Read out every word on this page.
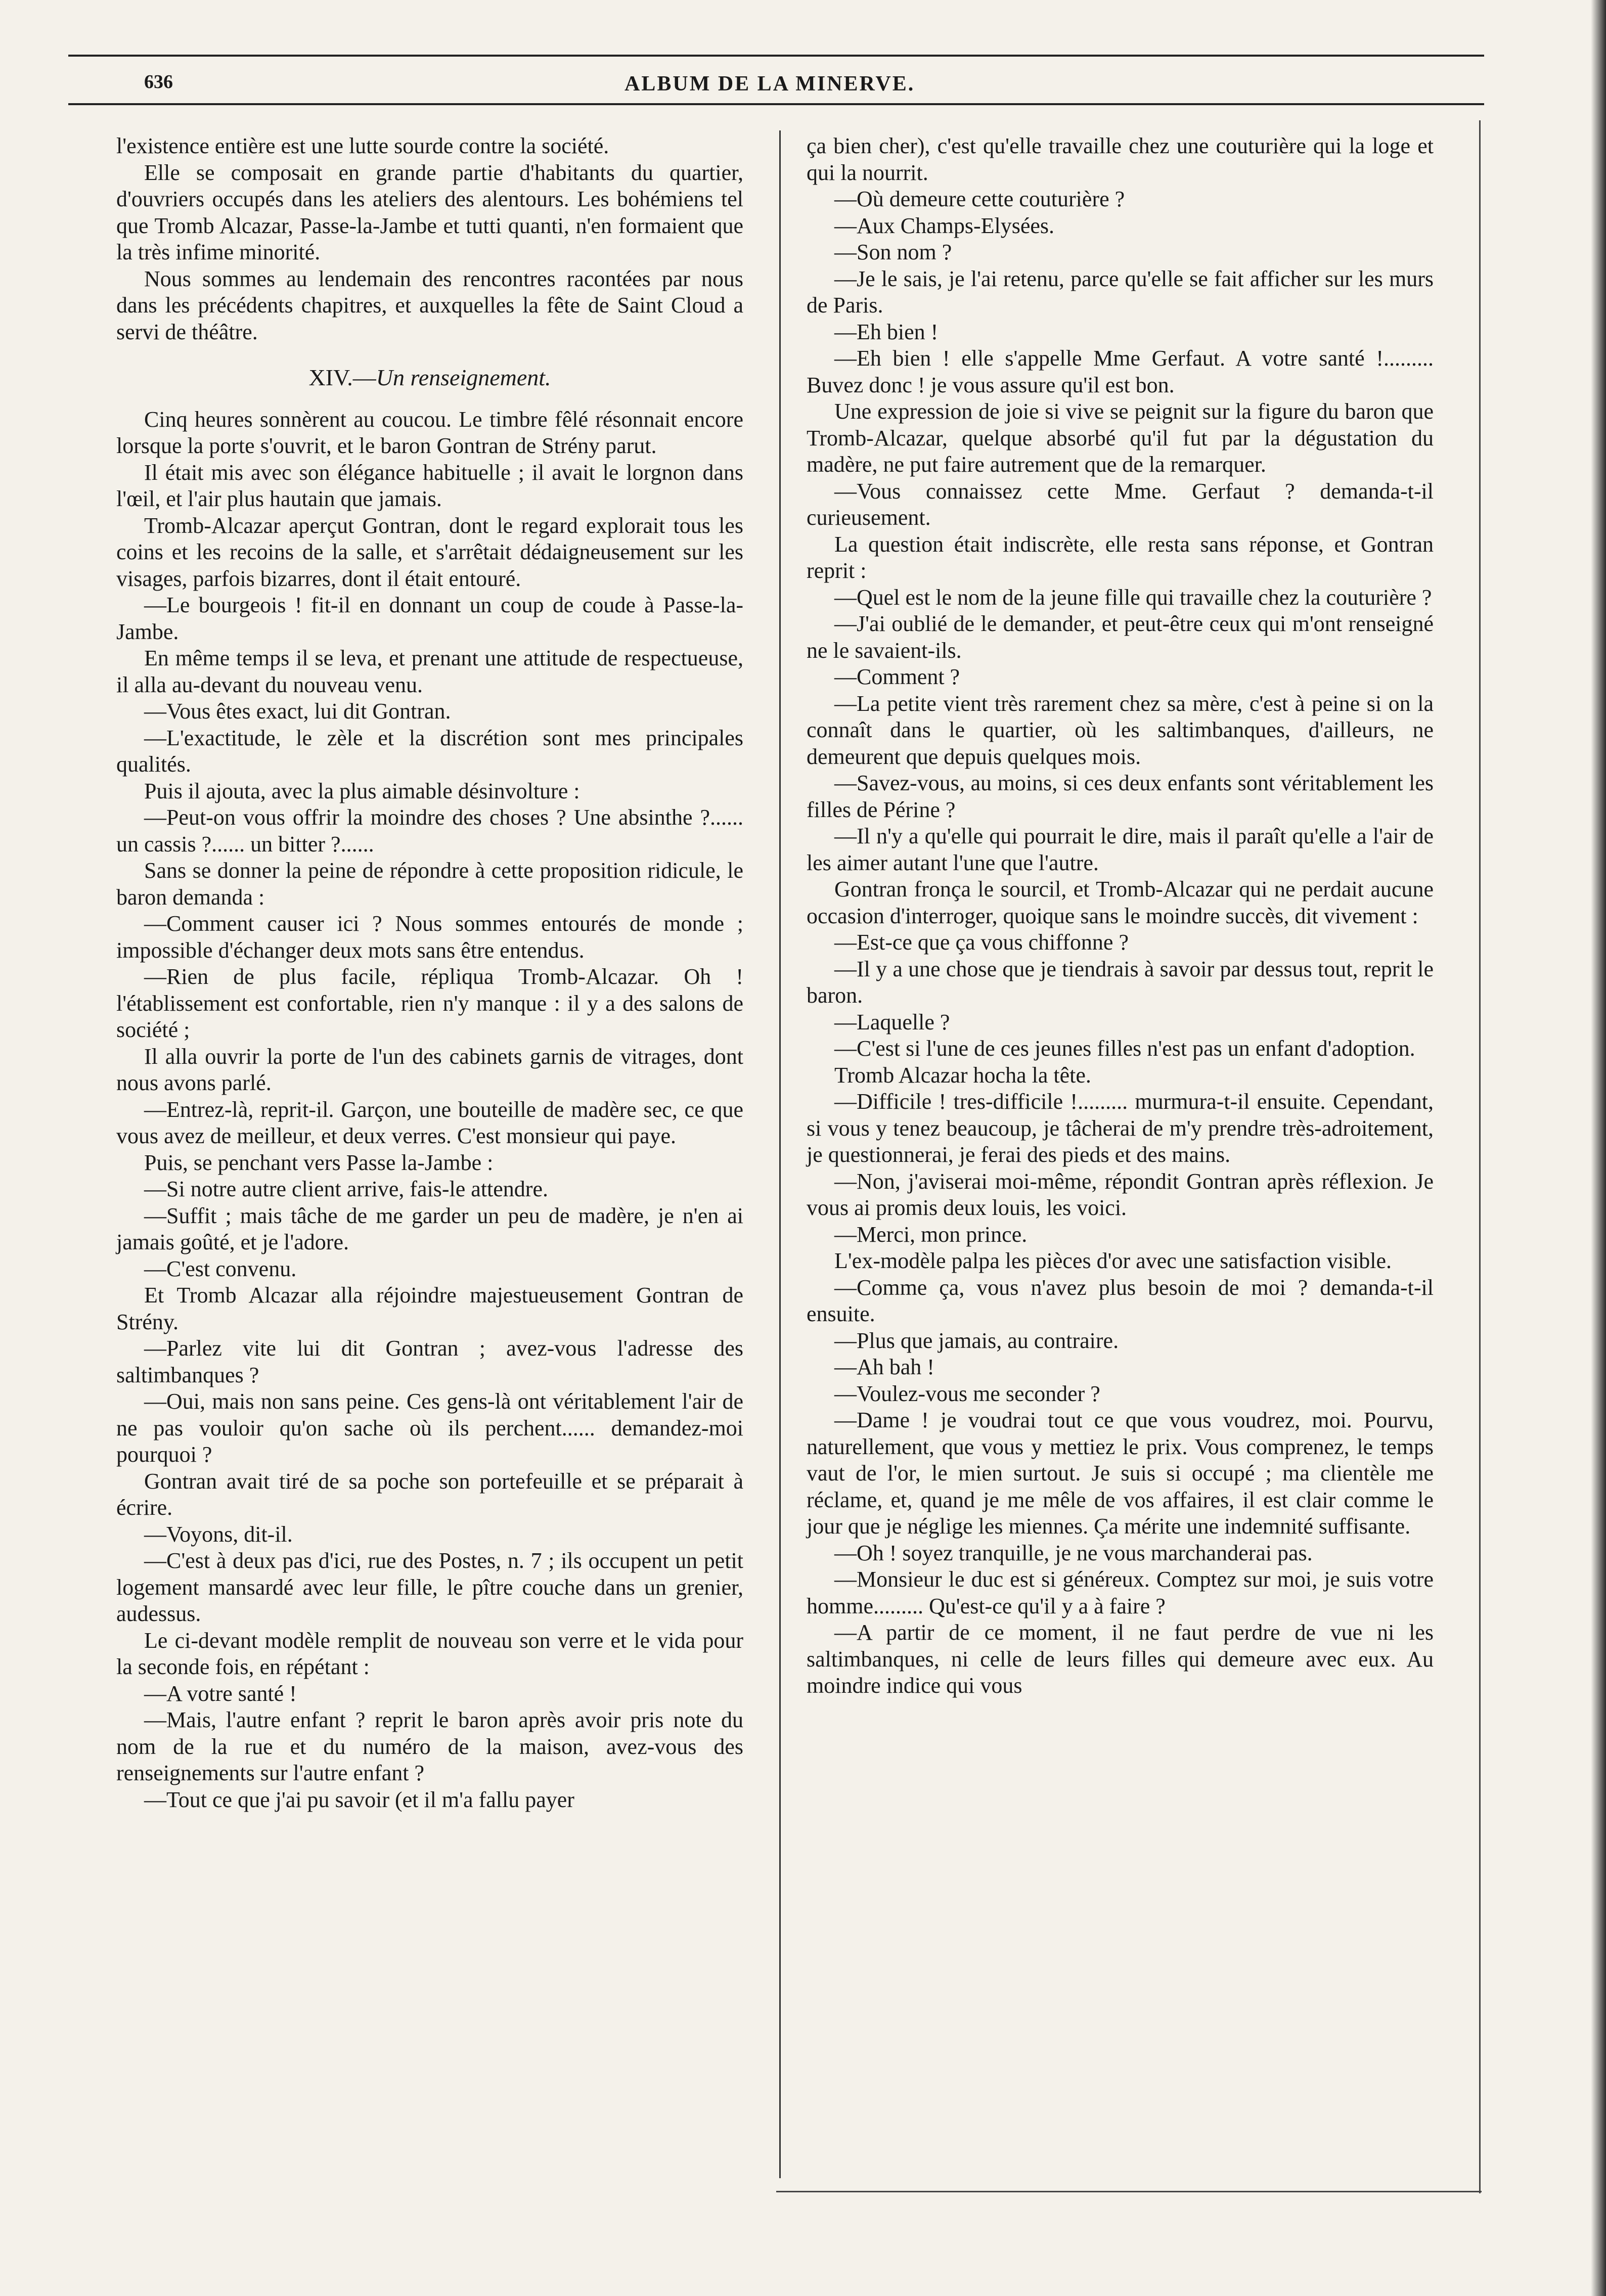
636	ALBUM DE LA MINERVE.

l'existence entière est une lutte sourde contre la société.

Elle se composait en grande partie d'habitants du quartier, d'ouvriers occupés dans les ateliers des alentours. Les bohémiens tel que Tromb Alcazar, Passe-la-Jambe et tutti quanti, n'en formaient que la très infime minorité.

Nous sommes au lendemain des rencontres racontées par nous dans les précédents chapitres, et auxquelles la fête de Saint Cloud a servi de théâtre.

XIV.—Un renseignement.

Cinq heures sonnèrent au coucou. Le timbre fêlé résonnait encore lorsque la porte s'ouvrit, et le baron Gontran de Strény parut.

Il était mis avec son élégance habituelle ; il avait le lorgnon dans l'œil, et l'air plus hautain que jamais.

Tromb-Alcazar aperçut Gontran, dont le regard explorait tous les coins et les recoins de la salle, et s'arrêtait dédaigneusement sur les visages, parfois bizarres, dont il était entouré.

—Le bourgeois ! fit-il en donnant un coup de coude à Passe-la-Jambe.

En même temps il se leva, et prenant une attitude de respectueuse, il alla au-devant du nouveau venu.

—Vous êtes exact, lui dit Gontran.

—L'exactitude, le zèle et la discrétion sont mes principales qualités.

Puis il ajouta, avec la plus aimable désinvolture :

—Peut-on vous offrir la moindre des choses ? Une absinthe ?...... un cassis ?...... un bitter ?......

Sans se donner la peine de répondre à cette proposition ridicule, le baron demanda :

—Comment causer ici ? Nous sommes entourés de monde ; impossible d'échanger deux mots sans être entendus.

—Rien de plus facile, répliqua Tromb-Alcazar. Oh ! l'établissement est confortable, rien n'y manque : il y a des salons de société ;

Il alla ouvrir la porte de l'un des cabinets garnis de vitrages, dont nous avons parlé.

—Entrez-là, reprit-il. Garçon, une bouteille de madère sec, ce que vous avez de meilleur, et deux verres. C'est monsieur qui paye.

Puis, se penchant vers Passe la-Jambe :

—Si notre autre client arrive, fais-le attendre.

—Suffit ; mais tâche de me garder un peu de madère, je n'en ai jamais goûté, et je l'adore.

—C'est convenu.

Et Tromb Alcazar alla réjoindre majestueusement Gontran de Strény.

—Parlez vite lui dit Gontran ; avez-vous l'adresse des saltimbanques ?

—Oui, mais non sans peine. Ces gens-là ont véritablement l'air de ne pas vouloir qu'on sache où ils perchent...... demandez-moi pourquoi ?

Gontran avait tiré de sa poche son portefeuille et se préparait à écrire.

—Voyons, dit-il.

—C'est à deux pas d'ici, rue des Postes, n. 7 ; ils occupent un petit logement mansardé avec leur fille, le pître couche dans un grenier, audessus.

Le ci-devant modèle remplit de nouveau son verre et le vida pour la seconde fois, en répétant :

—A votre santé !

—Mais, l'autre enfant ? reprit le baron après avoir pris note du nom de la rue et du numéro de la maison, avez-vous des renseignements sur l'autre enfant ?

—Tout ce que j'ai pu savoir (et il m'a fallu payer

ça bien cher), c'est qu'elle travaille chez une couturière qui la loge et qui la nourrit.

—Où demeure cette couturière ?

—Aux Champs-Elysées.

—Son nom ?

—Je le sais, je l'ai retenu, parce qu'elle se fait afficher sur les murs de Paris.

—Eh bien !

—Eh bien ! elle s'appelle Mme Gerfaut. A votre santé !......... Buvez donc ! je vous assure qu'il est bon.

Une expression de joie si vive se peignit sur la figure du baron que Tromb-Alcazar, quelque absorbé qu'il fut par la dégustation du madère, ne put faire autrement que de la remarquer.

—Vous connaissez cette Mme. Gerfaut ? demanda-t-il curieusement.

La question était indiscrète, elle resta sans réponse, et Gontran reprit :

—Quel est le nom de la jeune fille qui travaille chez la couturière ?

—J'ai oublié de le demander, et peut-être ceux qui m'ont renseigné ne le savaient-ils.

—Comment ?

—La petite vient très rarement chez sa mère, c'est à peine si on la connaît dans le quartier, où les saltimbanques, d'ailleurs, ne demeurent que depuis quelques mois.

—Savez-vous, au moins, si ces deux enfants sont véritablement les filles de Périne ?

—Il n'y a qu'elle qui pourrait le dire, mais il paraît qu'elle a l'air de les aimer autant l'une que l'autre.

Gontran fronça le sourcil, et Tromb-Alcazar qui ne perdait aucune occasion d'interroger, quoique sans le moindre succès, dit vivement :

—Est-ce que ça vous chiffonne ?

—Il y a une chose que je tiendrais à savoir par dessus tout, reprit le baron.

—Laquelle ?

—C'est si l'une de ces jeunes filles n'est pas un enfant d'adoption.

Tromb Alcazar hocha la tête.

—Difficile ! tres-difficile !......... murmura-t-il ensuite. Cependant, si vous y tenez beaucoup, je tâcherai de m'y prendre très-adroitement, je questionnerai, je ferai des pieds et des mains.

—Non, j'aviserai moi-même, répondit Gontran après réflexion. Je vous ai promis deux louis, les voici.

—Merci, mon prince.

L'ex-modèle palpa les pièces d'or avec une satisfaction visible.

—Comme ça, vous n'avez plus besoin de moi ? demanda-t-il ensuite.

—Plus que jamais, au contraire.

—Ah bah !

—Voulez-vous me seconder ?

—Dame ! je voudrai tout ce que vous voudrez, moi. Pourvu, naturellement, que vous y mettiez le prix. Vous comprenez, le temps vaut de l'or, le mien surtout. Je suis si occupé ; ma clientèle me réclame, et, quand je me mêle de vos affaires, il est clair comme le jour que je néglige les miennes. Ça mérite une indemnité suffisante.

—Oh ! soyez tranquille, je ne vous marchanderai pas.

—Monsieur le duc est si généreux. Comptez sur moi, je suis votre homme......... Qu'est-ce qu'il y a à faire ?

—A partir de ce moment, il ne faut perdre de vue ni les saltimbanques, ni celle de leurs filles qui demeure avec eux. Au moindre indice qui vous
